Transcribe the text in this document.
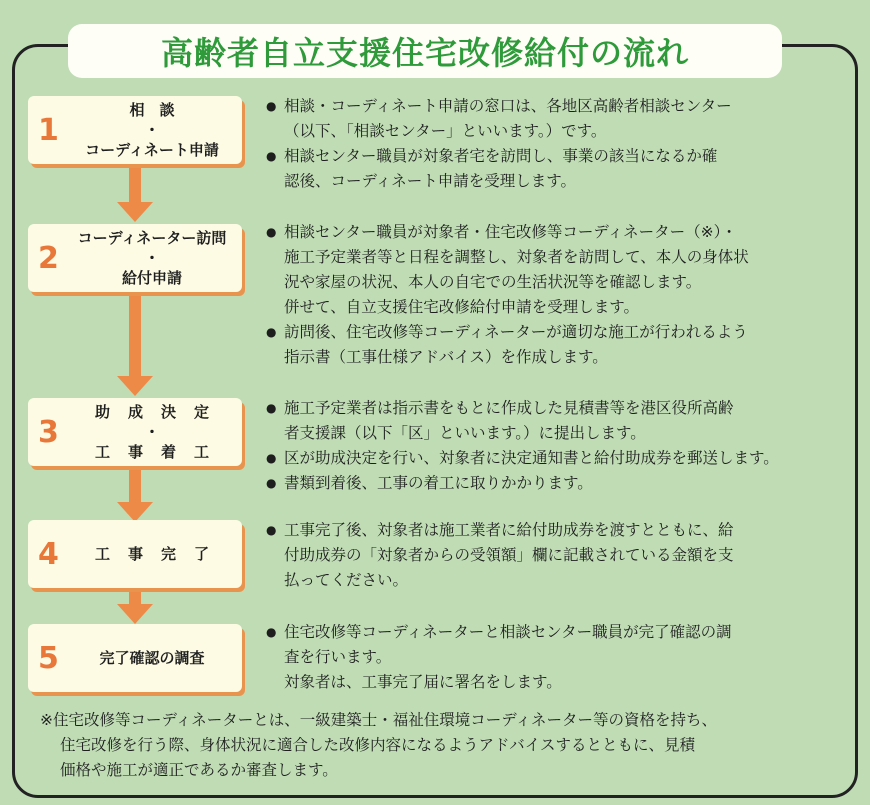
高齢者自立支援住宅改修給付の流れ
1
相　談
・
コーディネート申請
● 相談・コーディネート申請の窓口は、各地区高齢者相談センター
（以下、「相談センター」といいます。）です。
● 相談センター職員が対象者宅を訪問し、事業の該当になるか確
認後、コーディネート申請を受理します。
2
コーディネーター訪問
・
給付申請
● 相談センター職員が対象者・住宅改修等コーディネーター（※）・
施工予定業者等と日程を調整し、対象者を訪問して、本人の身体状
況や家屋の状況、本人の自宅での生活状況等を確認します。
併せて、自立支援住宅改修給付申請を受理します。
● 訪問後、住宅改修等コーディネーターが適切な施工が行われるよう
指示書（工事仕様アドバイス）を作成します。
3
助成決定
・
工事着工
● 施工予定業者は指示書をもとに作成した見積書等を港区役所高齢
者支援課（以下「区」といいます。）に提出します。
● 区が助成決定を行い、対象者に決定通知書と給付助成券を郵送します。
● 書類到着後、工事の着工に取りかかります。
4	工事完了
● 工事完了後、対象者は施工業者に給付助成券を渡すとともに、給
付助成券の「対象者からの受領額」欄に記載されている金額を支
払ってください。
5	完了確認の調査
● 住宅改修等コーディネーターと相談センター職員が完了確認の調
査を行います。
対象者は、工事完了届に署名をします。
※住宅改修等コーディネーターとは、一級建築士・福祉住環境コーディネーター等の資格を持ち、
住宅改修を行う際、身体状況に適合した改修内容になるようアドバイスするとともに、見積
価格や施工が適正であるか審査します。
